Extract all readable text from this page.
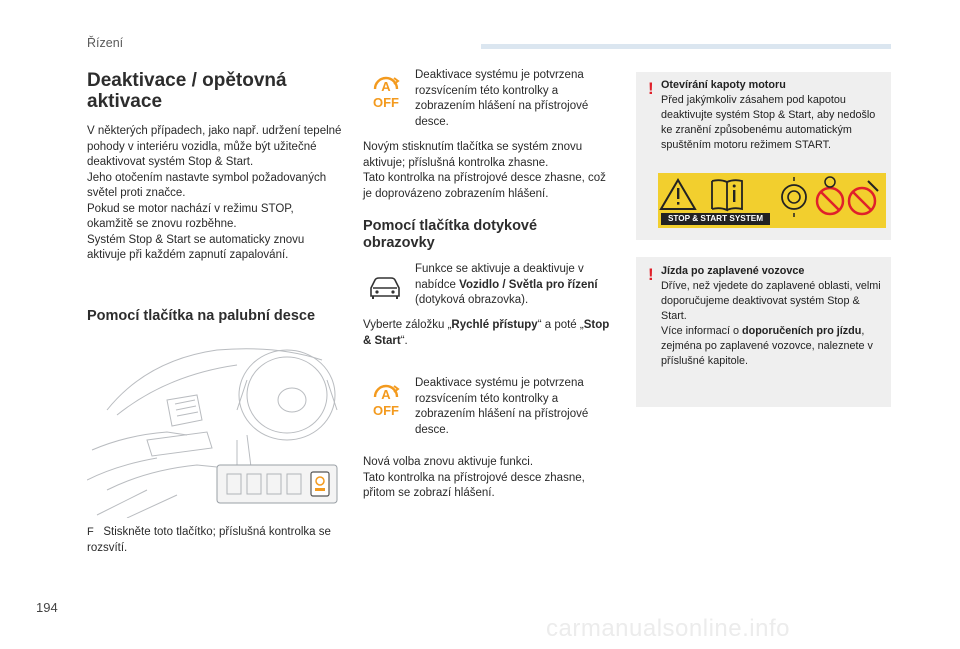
Řízení
Deaktivace / opětovná aktivace

V některých případech, jako např. udržení tepelné pohody v interiéru vozidla, může být užitečné deaktivovat systém Stop & Start.

Jeho otočením nastavte symbol požadovaných světel proti značce.

Pokud se motor nachází v režimu STOP, okamžitě se znovu rozběhne.

Systém Stop & Start se automaticky znovu aktivuje při každém zapnutí zapalování.

Pomocí tlačítka na palubní desce
F Stiskněte toto tlačítko; příslušná kontrolka se rozsvítí.
A
OFF
Deaktivace systému je potvrzena rozsvícením této kontrolky a zobrazením hlášení na přístrojové desce.

Novým stisknutím tlačítka se systém znovu aktivuje; příslušná kontrolka zhasne.

Tato kontrolka na přístrojové desce zhasne, což je doprovázeno zobrazením hlášení.

Pomocí tlačítka dotykové obrazovky
Funkce se aktivuje a deaktivuje v nabídce Vozidlo / Světla pro řízení (dotyková obrazovka).
Vyberte záložku „Rychlé přístupy“ a poté „Stop & Start“.
A
OFF
Deaktivace systému je potvrzena rozsvícením této kontrolky a zobrazením hlášení na přístrojové desce.

Nová volba znovu aktivuje funkci.

Tato kontrolka na přístrojové desce zhasne, přitom se zobrazí hlášení.

! Otevírání kapoty motoru

Před jakýmkoliv zásahem pod kapotou deaktivujte systém Stop & Start, aby nedošlo ke zranění způsobenému automatickým spuštěním motoru režimem START.

STOP & START SYSTEM
! Jízda po zaplavené vozovce

Dříve, než vjedete do zaplavené oblasti, velmi doporučujeme deaktivovat systém Stop & Start.

Více informací o doporučeních pro jízdu, zejména po zaplavené vozovce, naleznete v příslušné kapitole.

194
carmanualsonline.info
